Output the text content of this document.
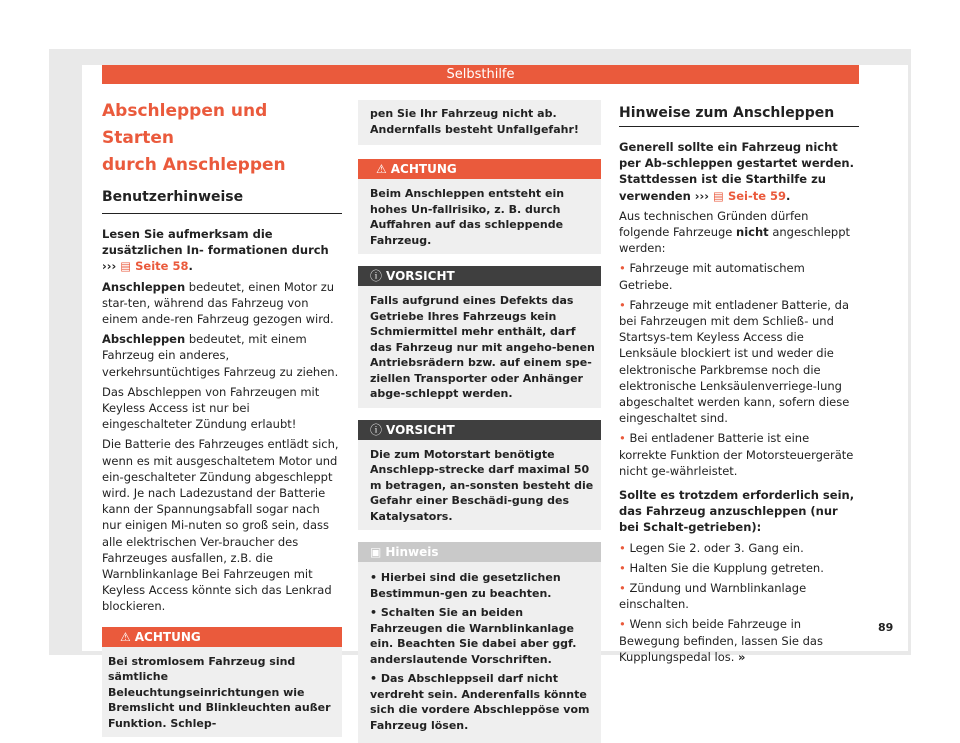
Selbsthilfe
Abschleppen und Starten
durch Anschleppen
Benutzerhinweise

Lesen Sie aufmerksam die zusätzlichen In- formationen durch ››› ▤ Seite 58.

Anschleppen bedeutet, einen Motor zu star-ten, während das Fahrzeug von einem ande-ren Fahrzeug gezogen wird.

Abschleppen bedeutet, mit einem Fahrzeug ein anderes, verkehrsuntüchtiges Fahrzeug zu ziehen.

Das Abschleppen von Fahrzeugen mit Keyless Access ist nur bei eingeschalteter Zündung erlaubt!

Die Batterie des Fahrzeuges entlädt sich, wenn es mit ausgeschaltetem Motor und ein-geschalteter Zündung abgeschleppt wird. Je nach Ladezustand der Batterie kann der Spannungsabfall sogar nach nur einigen Mi-nuten so groß sein, dass alle elektrischen Ver-braucher des Fahrzeuges ausfallen, z.B. die Warnblinkanlage Bei Fahrzeugen mit Keyless Access könnte sich das Lenkrad blockieren.

⚠ ACHTUNG
Bei stromlosem Fahrzeug sind sämtliche Beleuchtungseinrichtungen wie Bremslicht und Blinkleuchten außer Funktion. Schlep-
pen Sie Ihr Fahrzeug nicht ab. Andernfalls besteht Unfallgefahr!
⚠ ACHTUNG
Beim Anschleppen entsteht ein hohes Un-fallrisiko, z. B. durch Auffahren auf das schleppende Fahrzeug.
ⓘ VORSICHT
Falls aufgrund eines Defekts das Getriebe Ihres Fahrzeugs kein Schmiermittel mehr enthält, darf das Fahrzeug nur mit angeho-benen Antriebsrädern bzw. auf einem spe-ziellen Transporter oder Anhänger abge-schleppt werden.
ⓘ VORSICHT
Die zum Motorstart benötigte Anschlepp-strecke darf maximal 50 m betragen, an-sonsten besteht die Gefahr einer Beschädi-gung des Katalysators.
▣ Hinweis
• Hierbei sind die gesetzlichen Bestimmun-gen zu beachten.
• Schalten Sie an beiden Fahrzeugen die Warnblinkanlage ein. Beachten Sie dabei aber ggf. anderslautende Vorschriften.
• Das Abschleppseil darf nicht verdreht sein. Anderenfalls könnte sich die vordere Abschleppöse vom Fahrzeug lösen.
Hinweise zum Anschleppen

Generell sollte ein Fahrzeug nicht per Ab-schleppen gestartet werden. Stattdessen ist die Starthilfe zu verwenden ››› ▤ Sei-te 59.

Aus technischen Gründen dürfen folgende Fahrzeuge nicht angeschleppt werden:

• Fahrzeuge mit automatischem Getriebe.

• Fahrzeuge mit entladener Batterie, da bei Fahrzeugen mit dem Schließ- und Startsys-tem Keyless Access die Lenksäule blockiert ist und weder die elektronische Parkbremse noch die elektronische Lenksäulenverriege-lung abgeschaltet werden kann, sofern diese eingeschaltet sind.

• Bei entladener Batterie ist eine korrekte Funktion der Motorsteuergeräte nicht ge-währleistet.

Sollte es trotzdem erforderlich sein, das Fahrzeug anzuschleppen (nur bei Schalt-getrieben):

• Legen Sie 2. oder 3. Gang ein.

• Halten Sie die Kupplung getreten.

• Zündung und Warnblinkanlage einschalten.

• Wenn sich beide Fahrzeuge in Bewegung befinden, lassen Sie das Kupplungspedal los. »

89
